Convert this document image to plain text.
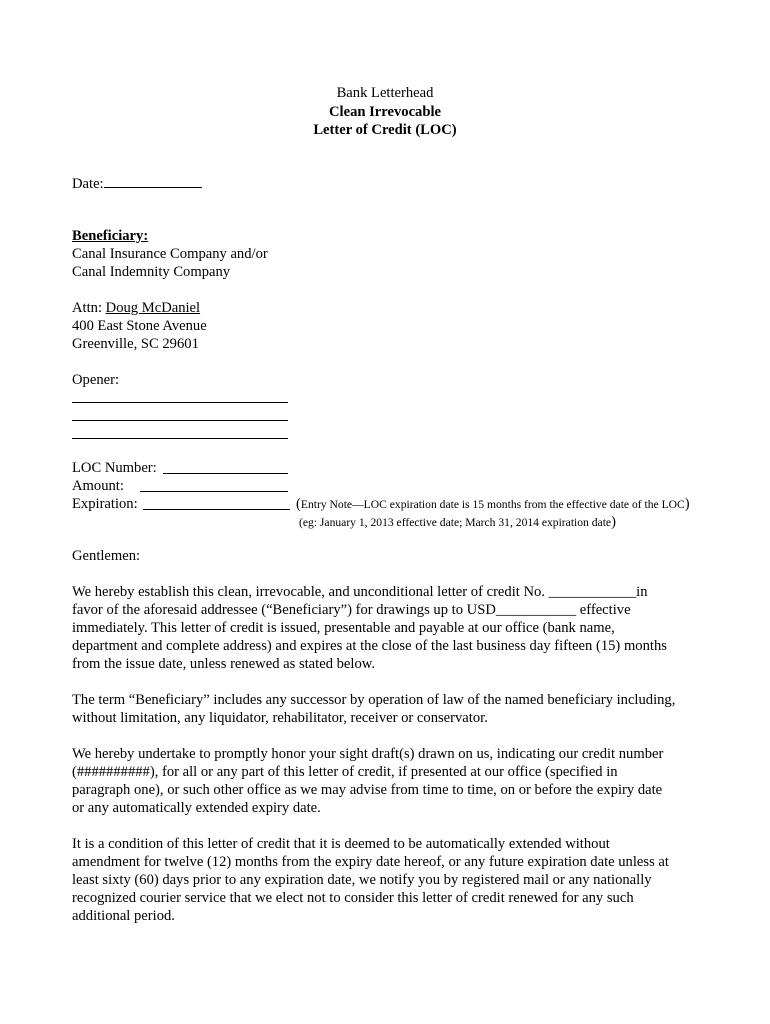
Bank Letterhead
Clean Irrevocable
Letter of Credit (LOC)
Date:
Beneficiary:
Canal Insurance Company and/or
Canal Indemnity Company
Attn: Doug McDaniel
400 East Stone Avenue
Greenville, SC 29601
Opener:
LOC Number:
Amount:
Expiration:	(Entry Note—LOC expiration date is 15 months from the effective date of the LOC)
(eg: January 1, 2013 effective date; March 31, 2014 expiration date)
Gentlemen:
We hereby establish this clean, irrevocable, and unconditional letter of credit No. ____________in
favor of the aforesaid addressee (“Beneficiary”) for drawings up to USD___________ effective
immediately. This letter of credit is issued, presentable and payable at our office (bank name,
department and complete address) and expires at the close of the last business day fifteen (15) months
from the issue date, unless renewed as stated below.
The term “Beneficiary” includes any successor by operation of law of the named beneficiary including,
without limitation, any liquidator, rehabilitator, receiver or conservator.
We hereby undertake to promptly honor your sight draft(s) drawn on us, indicating our credit number
(##########), for all or any part of this letter of credit, if presented at our office (specified in
paragraph one), or such other office as we may advise from time to time, on or before the expiry date
or any automatically extended expiry date.
It is a condition of this letter of credit that it is deemed to be automatically extended without
amendment for twelve (12) months from the expiry date hereof, or any future expiration date unless at
least sixty (60) days prior to any expiration date, we notify you by registered mail or any nationally
recognized courier service that we elect not to consider this letter of credit renewed for any such
additional period.
